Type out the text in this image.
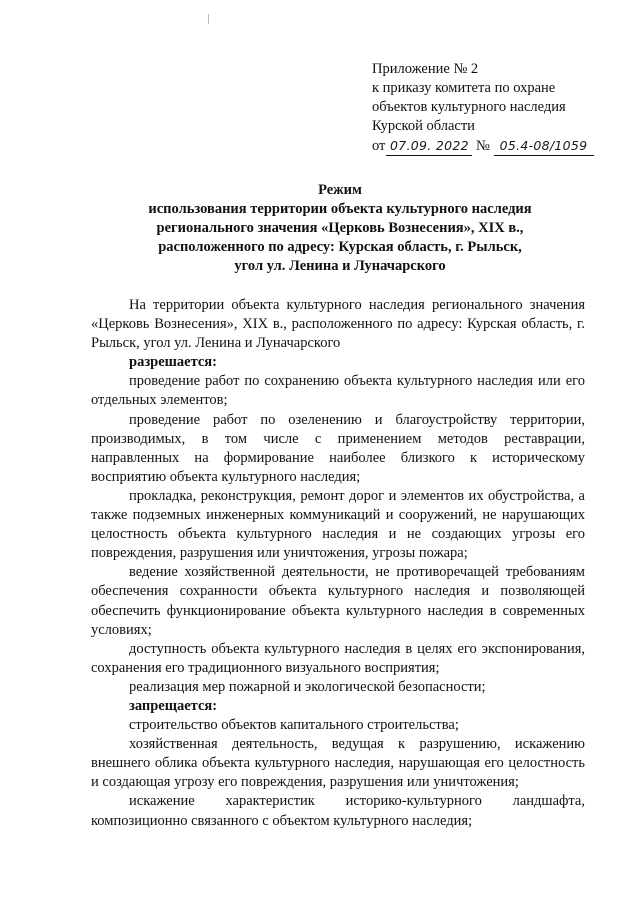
Приложение № 2
к приказу комитета по охране
объектов культурного наследия
Курской области
от 07.09. 2022 № 05.4-08/1059
Режим
использования территории объекта культурного наследия
регионального значения «Церковь Вознесения», XIX в.,
расположенного по адресу: Курская область, г. Рыльск,
угол ул. Ленина и Луначарского

На территории объекта культурного наследия регионального значения «Церковь Вознесения», XIX в., расположенного по адресу: Курская область, г. Рыльск, угол ул. Ленина и Луначарского

разрешается:

проведение работ по сохранению объекта культурного наследия или его отдельных элементов;

проведение работ по озеленению и благоустройству территории, производимых, в том числе с применением методов реставрации, направленных на формирование наиболее близкого к историческому восприятию объекта культурного наследия;

прокладка, реконструкция, ремонт дорог и элементов их обустройства, а также подземных инженерных коммуникаций и сооружений, не нарушающих целостность объекта культурного наследия и не создающих угрозы его повреждения, разрушения или уничтожения, угрозы пожара;

ведение хозяйственной деятельности, не противоречащей требованиям обеспечения сохранности объекта культурного наследия и позволяющей обеспечить функционирование объекта культурного наследия в современных условиях;

доступность объекта культурного наследия в целях его экспонирования, сохранения его традиционного визуального восприятия;

реализация мер пожарной и экологической безопасности;

запрещается:

строительство объектов капитального строительства;

хозяйственная деятельность, ведущая к разрушению, искажению внешнего облика объекта культурного наследия, нарушающая его целостность и создающая угрозу его повреждения, разрушения или уничтожения;

искажение характеристик историко-культурного ландшафта, композиционно связанного с объектом культурного наследия;
